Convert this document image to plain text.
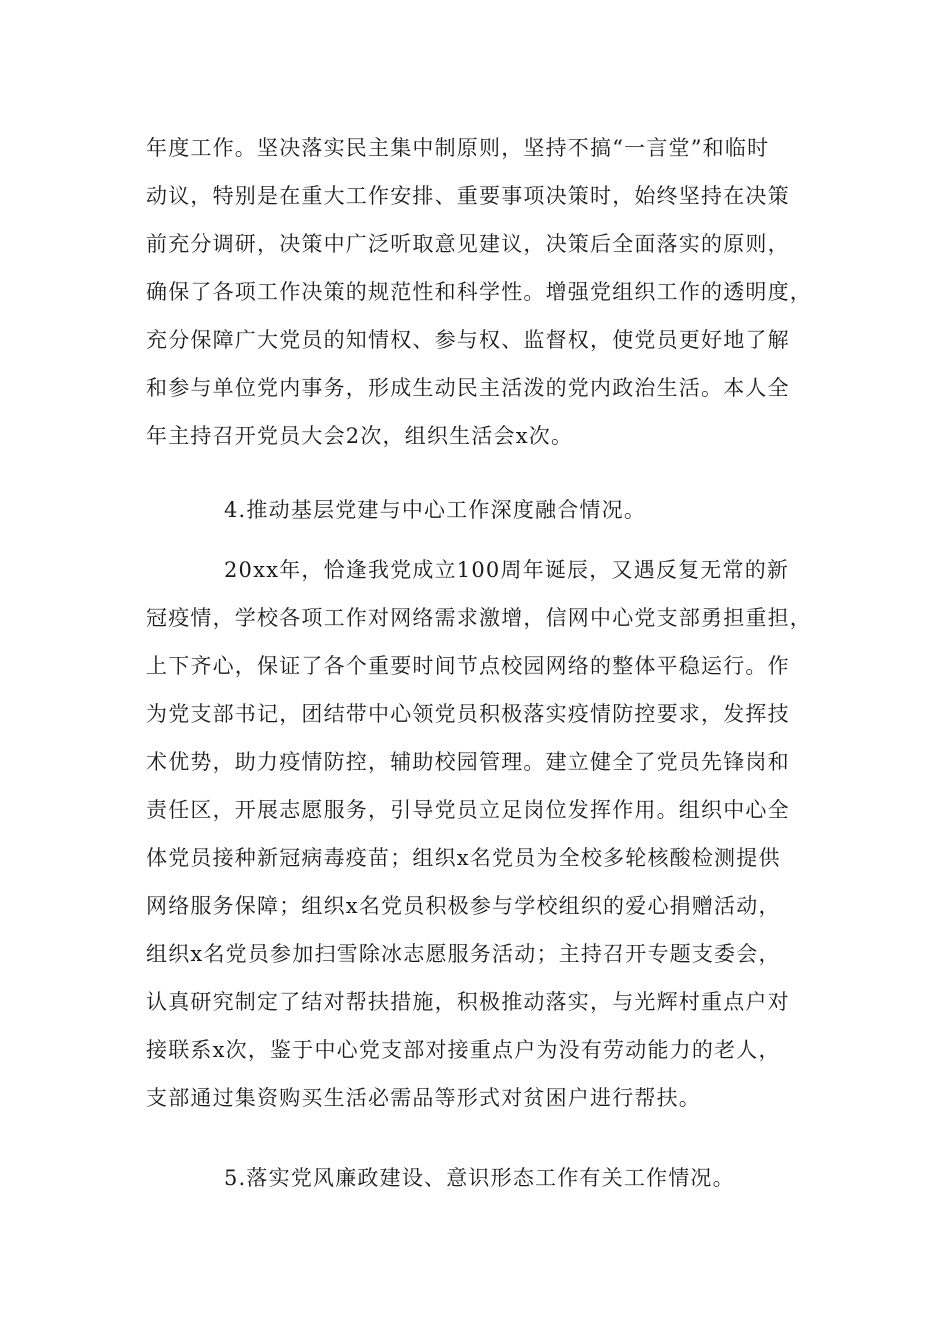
年度工作。坚决落实民主集中制原则，坚持不搞“一言堂”和临时
动议，特别是在重大工作安排、重要事项决策时，始终坚持在决策
前充分调研，决策中广泛听取意见建议，决策后全面落实的原则，
确保了各项工作决策的规范性和科学性。增强党组织工作的透明度，
充分保障广大党员的知情权、参与权、监督权，使党员更好地了解
和参与单位党内事务，形成生动民主活泼的党内政治生活。本人全
年主持召开党员大会2次，组织生活会x次。
4.推动基层党建与中心工作深度融合情况。
20xx年，恰逢我党成立100周年诞辰，又遇反复无常的新
冠疫情，学校各项工作对网络需求激增，信网中心党支部勇担重担，
上下齐心，保证了各个重要时间节点校园网络的整体平稳运行。作
为党支部书记，团结带中心领党员积极落实疫情防控要求，发挥技
术优势，助力疫情防控，辅助校园管理。建立健全了党员先锋岗和
责任区，开展志愿服务，引导党员立足岗位发挥作用。组织中心全
体党员接种新冠病毒疫苗；组织x名党员为全校多轮核酸检测提供
网络服务保障；组织x名党员积极参与学校组织的爱心捐赠活动，
组织x名党员参加扫雪除冰志愿服务活动；主持召开专题支委会，
认真研究制定了结对帮扶措施，积极推动落实，与光辉村重点户对
接联系x次，鉴于中心党支部对接重点户为没有劳动能力的老人，
支部通过集资购买生活必需品等形式对贫困户进行帮扶。
5.落实党风廉政建设、意识形态工作有关工作情况。
